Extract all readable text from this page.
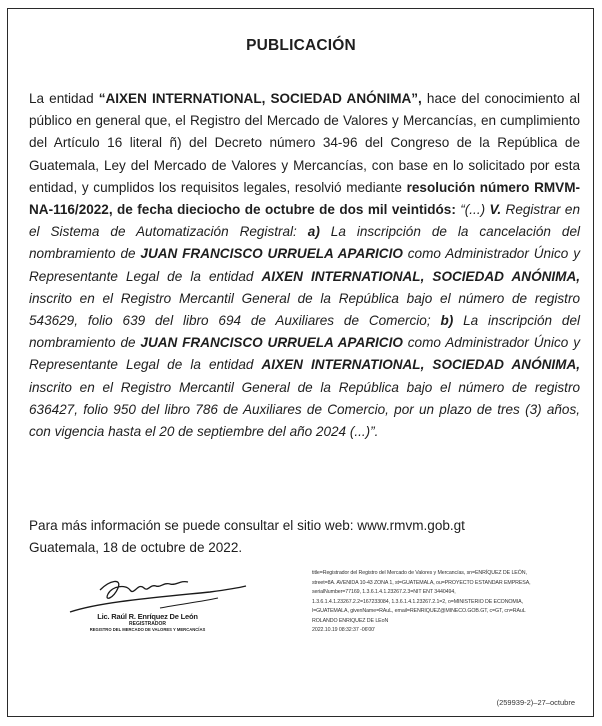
PUBLICACIÓN
La entidad “AIXEN INTERNATIONAL, SOCIEDAD ANÓNIMA”, hace del conocimiento al público en general que, el Registro del Mercado de Valores y Mercancías, en cumplimiento del Artículo 16 literal ñ) del Decreto número 34-96 del Congreso de la República de Guatemala, Ley del Mercado de Valores y Mercancías, con base en lo solicitado por esta entidad, y cumplidos los requisitos legales, resolvió mediante resolución número RMVM-NA-116/2022, de fecha dieciocho de octubre de dos mil veintidós: “(...) V. Registrar en el Sistema de Automatización Registral: a) La inscripción de la cancelación del nombramiento de JUAN FRANCISCO URRUELA APARICIO como Administrador Único y Representante Legal de la entidad AIXEN INTERNATIONAL, SOCIEDAD ANÓNIMA, inscrito en el Registro Mercantil General de la República bajo el número de registro 543629, folio 639 del libro 694 de Auxiliares de Comercio; b) La inscripción del nombramiento de JUAN FRANCISCO URRUELA APARICIO como Administrador Único y Representante Legal de la entidad AIXEN INTERNATIONAL, SOCIEDAD ANÓNIMA, inscrito en el Registro Mercantil General de la República bajo el número de registro 636427, folio 950 del libro 786 de Auxiliares de Comercio, por un plazo de tres (3) años, con vigencia hasta el 20 de septiembre del año 2024 (...)”.
Para más información se puede consultar el sitio web: www.rmvm.gob.gt
Guatemala, 18 de octubre de 2022.
Lic. Raúl R. Enríquez De León
REGISTRADOR
REGISTRO DEL MERCADO DE VALORES Y MERCANCÍAS
title=Registrador del Registro del Mercado de Valores y Mercancías, sn=ENRÍQUEZ DE LEÓN,
street=8A. AVENIDA 10-43 ZONA 1, st=GUATEMALA, ou=PROYECTO ESTANDAR EMPRESA,
serialNumber=77169, 1.3.6.1.4.1.23267.2.3=NIT ENT 3440494,
1.3.6.1.4.1.23267.2.2=167233084, 1.3.6.1.4.1.23267.2.1=2, o=MINISTERIO DE ECONOMIA,
l=GUATEMALA, givenName=RAuL, email=RENRIQUEZ@MINECO.GOB.GT, c=GT, cn=RAuL
ROLANDO ENRIQUEZ DE LEoN
2022.10.19 08:32:37 -06'00'
(259939-2)–27–octubre
